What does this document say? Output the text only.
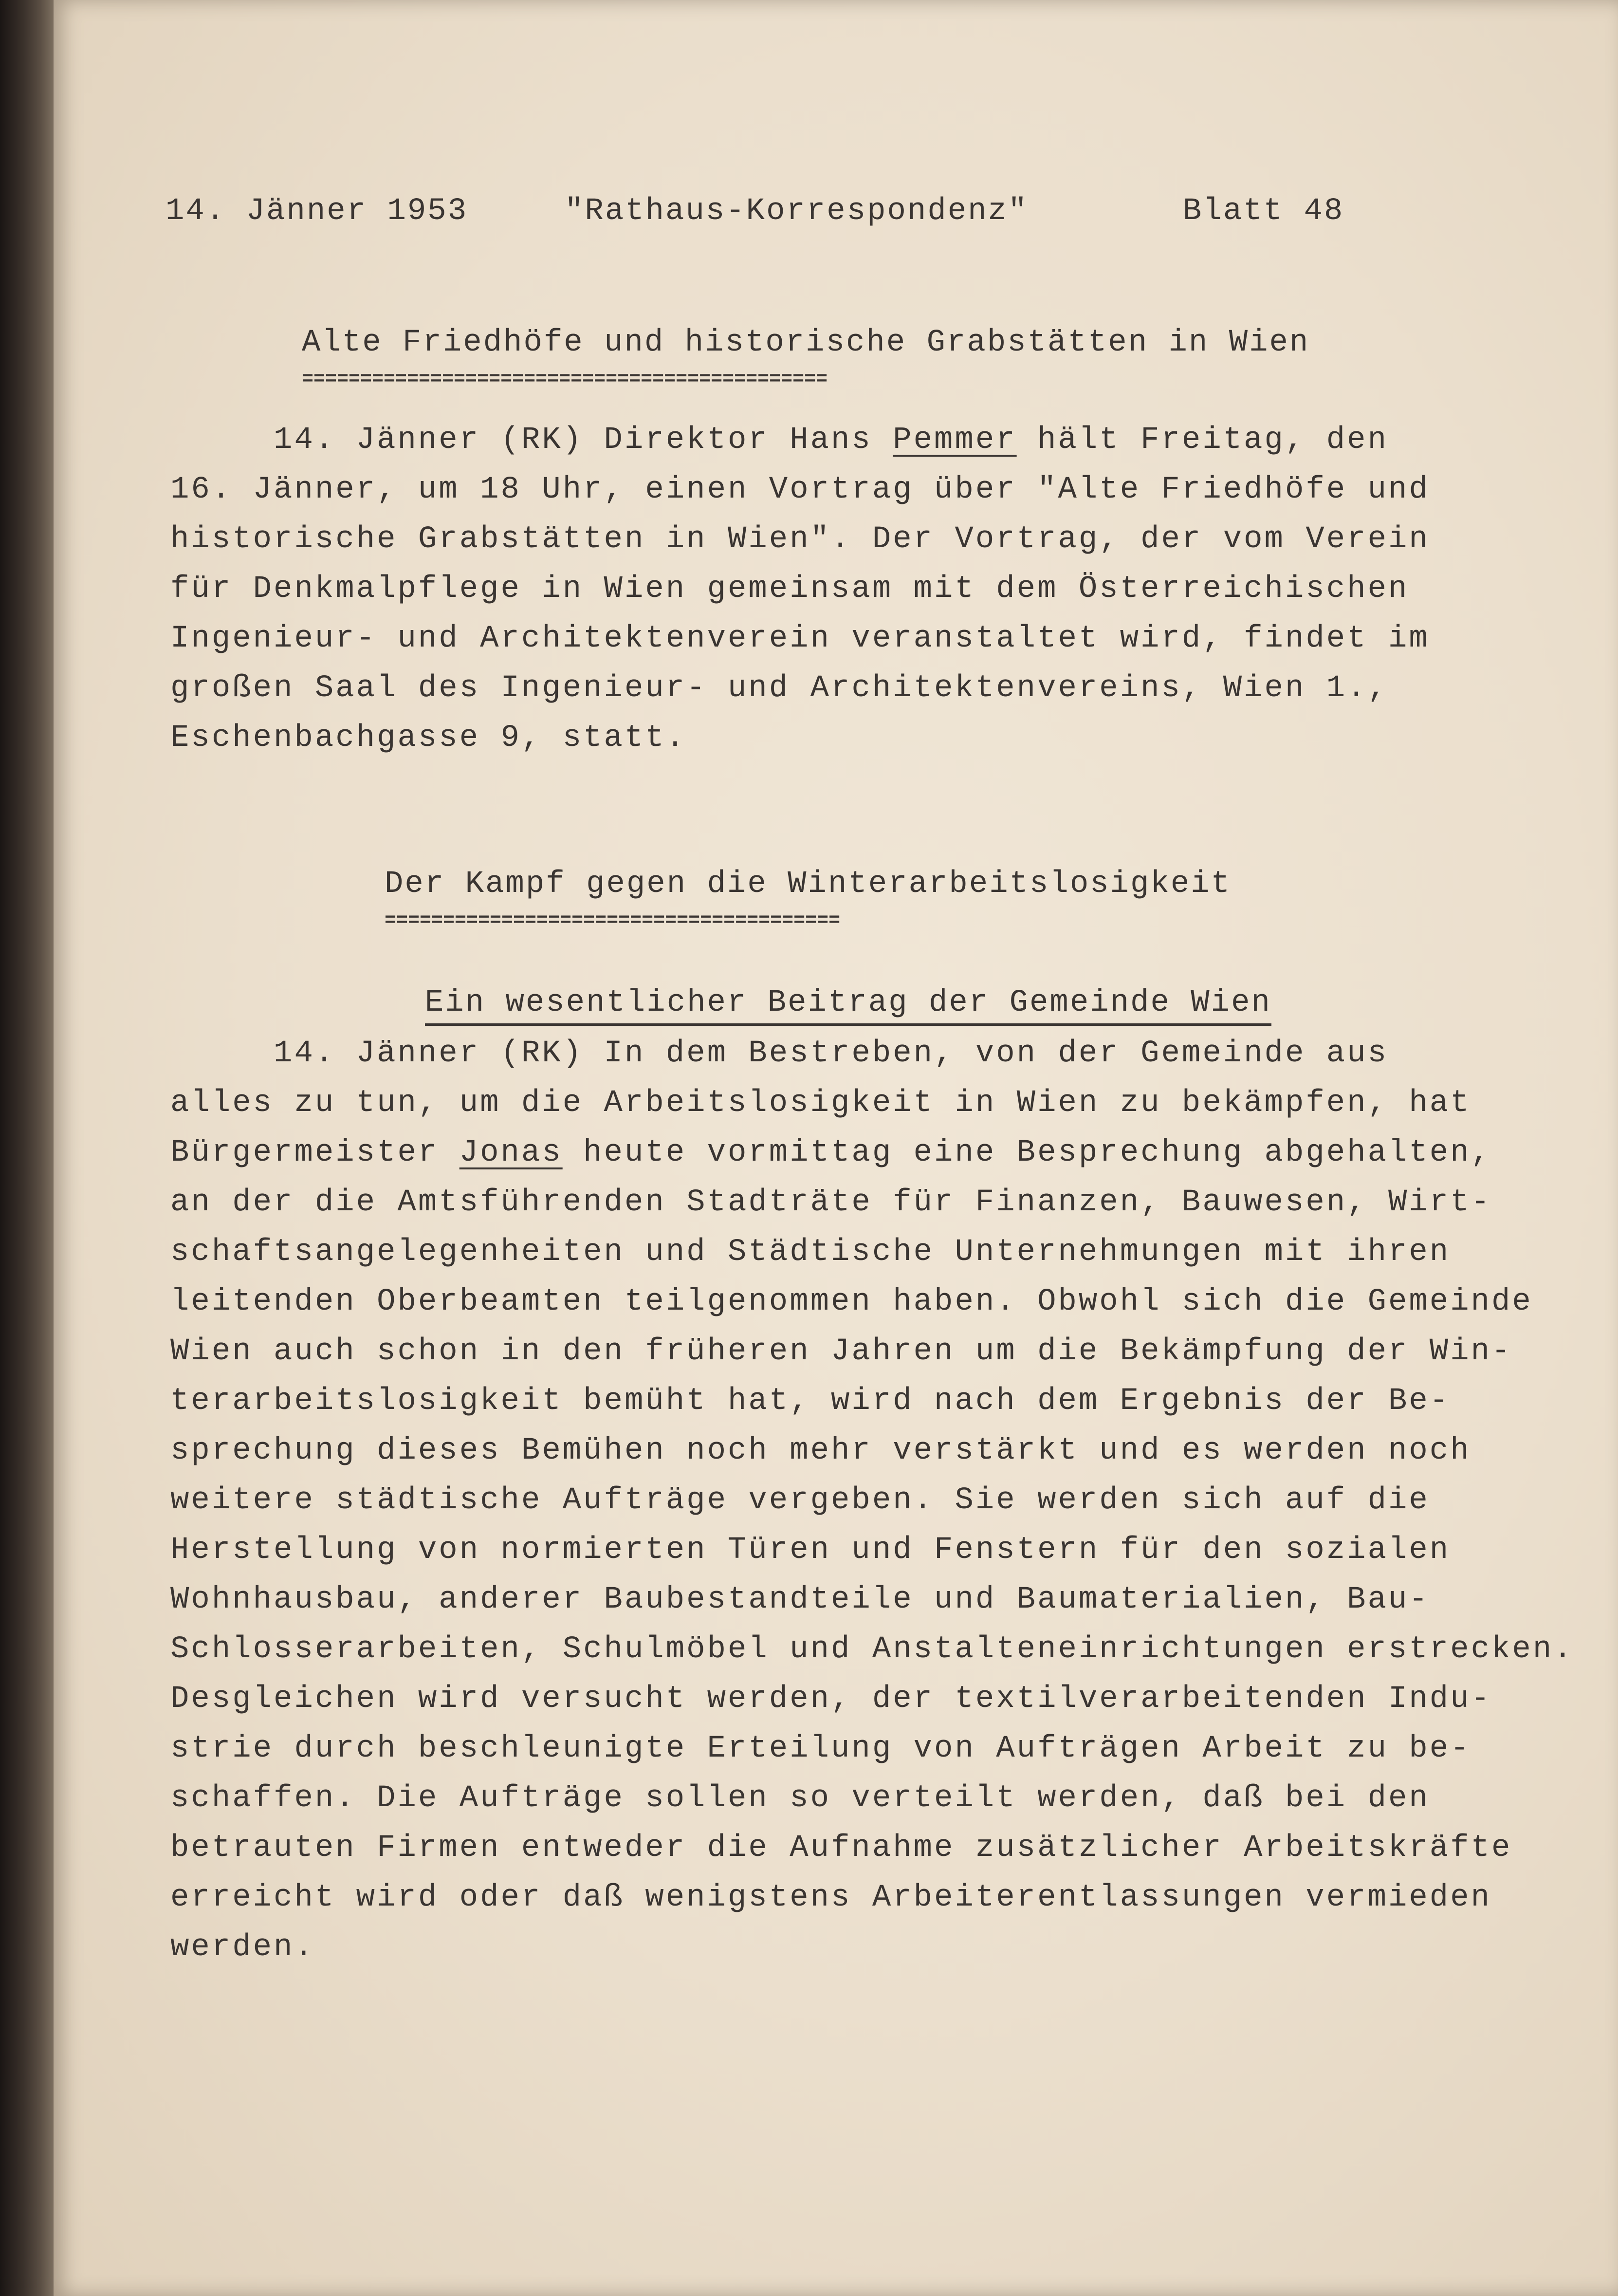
14. Jänner 1953	"Rathaus-Korrespondenz"	Blatt 48
Alte Friedhöfe und historische Grabstätten in Wien
=============================================
14. Jänner (RK) Direktor Hans Pemmer hält Freitag, den
16. Jänner, um 18 Uhr, einen Vortrag über "Alte Friedhöfe und
historische Grabstätten in Wien". Der Vortrag, der vom Verein
für Denkmalpflege in Wien gemeinsam mit dem Österreichischen
Ingenieur- und Architektenverein veranstaltet wird, findet im
großen Saal des Ingenieur- und Architektenvereins, Wien 1.,
Eschenbachgasse 9, statt.
Der Kampf gegen die Winterarbeitslosigkeit
=======================================

Ein wesentlicher Beitrag der Gemeinde Wien

14. Jänner (RK) In dem Bestreben, von der Gemeinde aus
alles zu tun, um die Arbeitslosigkeit in Wien zu bekämpfen, hat
Bürgermeister Jonas heute vormittag eine Besprechung abgehalten,
an der die Amtsführenden Stadträte für Finanzen, Bauwesen, Wirt-
schaftsangelegenheiten und Städtische Unternehmungen mit ihren
leitenden Oberbeamten teilgenommen haben. Obwohl sich die Gemeinde
Wien auch schon in den früheren Jahren um die Bekämpfung der Win-
terarbeitslosigkeit bemüht hat, wird nach dem Ergebnis der Be-
sprechung dieses Bemühen noch mehr verstärkt und es werden noch
weitere städtische Aufträge vergeben. Sie werden sich auf die
Herstellung von normierten Türen und Fenstern für den sozialen
Wohnhausbau, anderer Baubestandteile und Baumaterialien, Bau-
Schlosserarbeiten, Schulmöbel und Anstalteneinrichtungen erstrecken.
Desgleichen wird versucht werden, der textilverarbeitenden Indu-
strie durch beschleunigte Erteilung von Aufträgen Arbeit zu be-
schaffen. Die Aufträge sollen so verteilt werden, daß bei den
betrauten Firmen entweder die Aufnahme zusätzlicher Arbeitskräfte
erreicht wird oder daß wenigstens Arbeiterentlassungen vermieden
werden.
